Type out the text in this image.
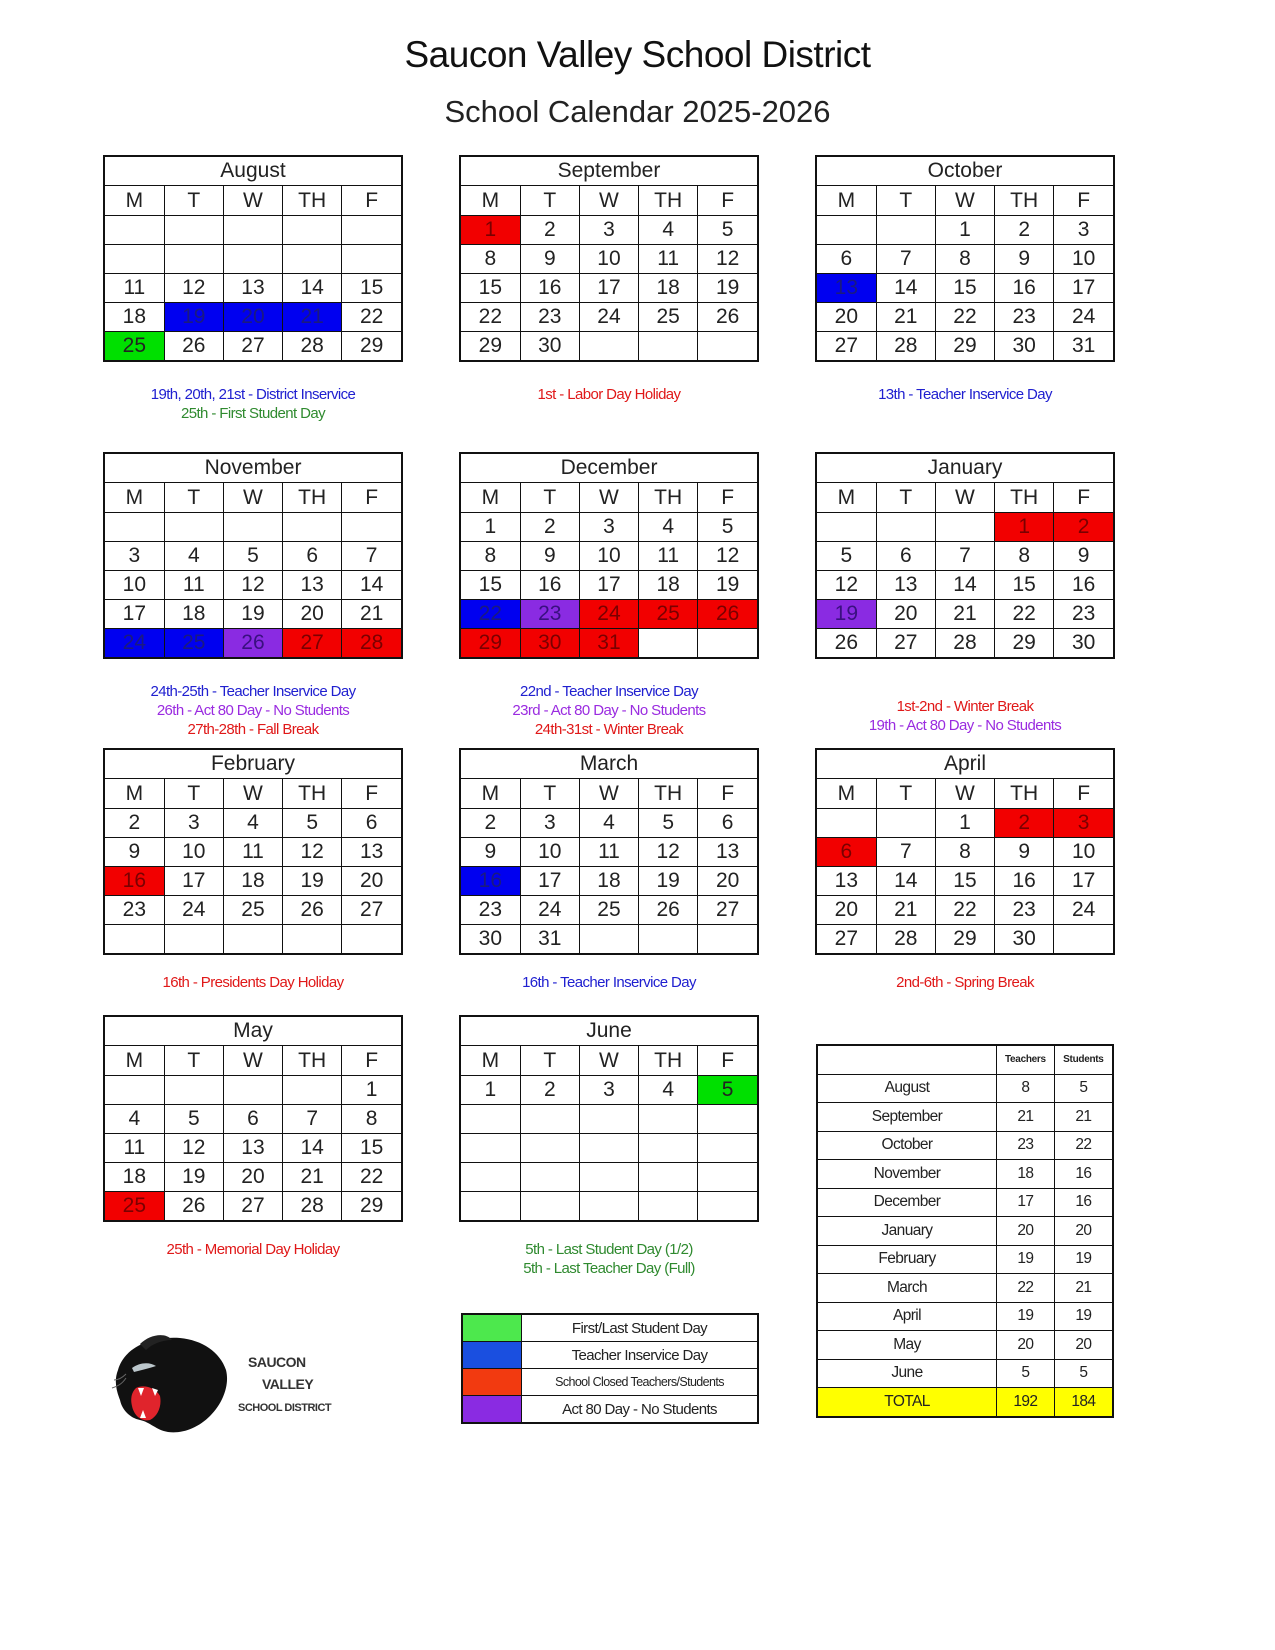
Saucon Valley School District
School Calendar 2025-2026
August				
M	T	W	TH	F

11	12	13	14	15
18	19	20	21	22
25	26	27	28	29
19th, 20th, 21st - District Inservice
25th - First Student Day
September				
M	T	W	TH	F
1	2	3	4	5
8	9	10	11	12
15	16	17	18	19
22	23	24	25	26
29	30			
1st - Labor Day Holiday
October				
M	T	W	TH	F
		1	2	3
6	7	8	9	10
13	14	15	16	17
20	21	22	23	24
27	28	29	30	31
13th - Teacher Inservice Day
November				
M	T	W	TH	F

3	4	5	6	7
10	11	12	13	14
17	18	19	20	21
24	25	26	27	28
24th-25th - Teacher Inservice Day
26th - Act 80 Day - No Students
27th-28th - Fall Break
December				
M	T	W	TH	F
1	2	3	4	5
8	9	10	11	12
15	16	17	18	19
22	23	24	25	26
29	30	31		
22nd - Teacher Inservice Day
23rd - Act 80 Day - No Students
24th-31st - Winter Break
January				
M	T	W	TH	F
			1	2
5	6	7	8	9
12	13	14	15	16
19	20	21	22	23
26	27	28	29	30
1st-2nd - Winter Break
19th - Act 80 Day - No Students
February				
M	T	W	TH	F
2	3	4	5	6
9	10	11	12	13
16	17	18	19	20
23	24	25	26	27

16th - Presidents Day Holiday
March				
M	T	W	TH	F
2	3	4	5	6
9	10	11	12	13
16	17	18	19	20
23	24	25	26	27
30	31			
16th - Teacher Inservice Day
April				
M	T	W	TH	F
		1	2	3
6	7	8	9	10
13	14	15	16	17
20	21	22	23	24
27	28	29	30	
2nd-6th - Spring Break
May				
M	T	W	TH	F
				1
4	5	6	7	8
11	12	13	14	15
18	19	20	21	22
25	26	27	28	29
25th - Memorial Day Holiday
June				
M	T	W	TH	F
1	2	3	4	5

5th - Last Student Day (1/2)
5th - Last Teacher Day (Full)
	First/Last Student Day
	Teacher Inservice Day
	School Closed Teachers/Students
	Act 80 Day - No Students
	Teachers	Students
August	8	5
September	21	21
October	23	22
November	18	16
December	17	16
January	20	20
February	19	19
March	22	21
April	19	19
May	20	20
June	5	5
TOTAL	192	184
SAUCON
VALLEY
SCHOOL DISTRICT
